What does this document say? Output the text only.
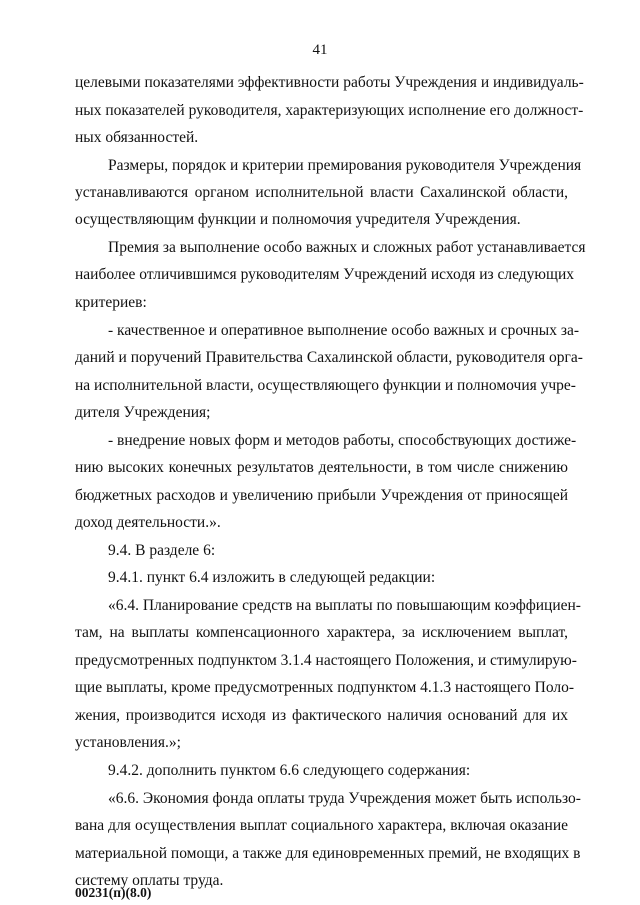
41
целевыми показателями эффективности работы Учреждения и индивидуаль-
ных показателей руководителя, характеризующих исполнение его должност-
ных обязанностей.
Размеры, порядок и критерии премирования руководителя Учреждения
устанавливаются органом исполнительной власти Сахалинской области,
осуществляющим функции и полномочия учредителя Учреждения.
Премия за выполнение особо важных и сложных работ устанавливается
наиболее отличившимся руководителям Учреждений исходя из следующих
критериев:
- качественное и оперативное выполнение особо важных и срочных за-
даний и поручений Правительства Сахалинской области, руководителя орга-
на исполнительной власти, осуществляющего функции и полномочия учре-
дителя Учреждения;
- внедрение новых форм и методов работы, способствующих достиже-
нию высоких конечных результатов деятельности, в том числе снижению
бюджетных расходов и увеличению прибыли Учреждения от приносящей
доход деятельности.».
9.4. В разделе 6:
9.4.1. пункт 6.4 изложить в следующей редакции:
«6.4. Планирование средств на выплаты по повышающим коэффициен-
там, на выплаты компенсационного характера, за исключением выплат,
предусмотренных подпунктом 3.1.4 настоящего Положения, и стимулирую-
щие выплаты, кроме предусмотренных подпунктом 4.1.3 настоящего Поло-
жения, производится исходя из фактического наличия оснований для их
установления.»;
9.4.2. дополнить пунктом 6.6 следующего содержания:
«6.6. Экономия фонда оплаты труда Учреждения может быть использо-
вана для осуществления выплат социального характера, включая оказание
материальной помощи, а также для единовременных премий, не входящих в
систему оплаты труда.
00231(п)(8.0)
